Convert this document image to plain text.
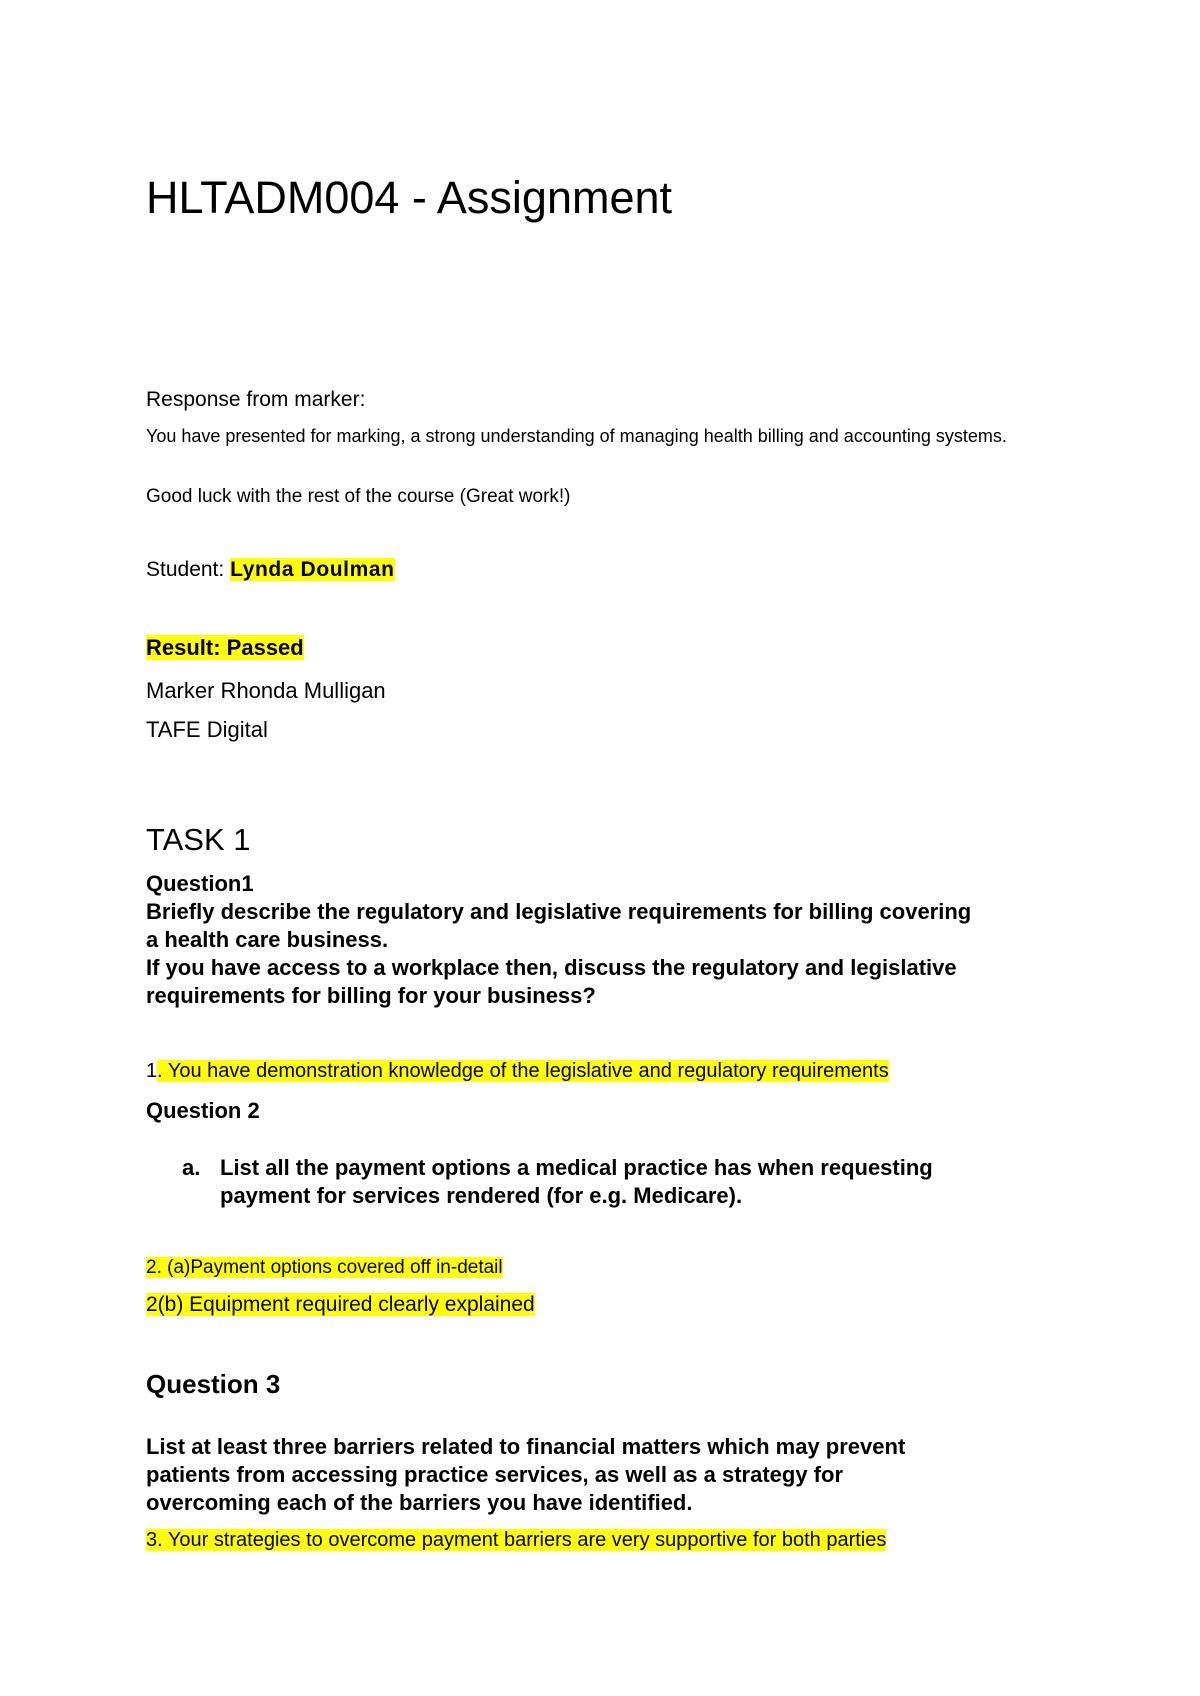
HLTADM004 - Assignment
Response from marker:
You have presented for marking, a strong understanding of managing health billing and accounting systems.
Good luck with the rest of the course (Great work!)
Student: Lynda Doulman
Result: Passed
Marker Rhonda Mulligan
TAFE Digital
TASK 1
Question1
Briefly describe the regulatory and legislative requirements for billing covering
a health care business.
If you have access to a workplace then, discuss the regulatory and legislative
requirements for billing for your business?
1. You have demonstration knowledge of the legislative and regulatory requirements
Question 2
a. List all the payment options a medical practice has when requesting
payment for services rendered (for e.g. Medicare).
2. (a)Payment options covered off in-detail
2(b) Equipment required clearly explained
Question 3
List at least three barriers related to financial matters which may prevent
patients from accessing practice services, as well as a strategy for
overcoming each of the barriers you have identified.
3. Your strategies to overcome payment barriers are very supportive for both parties
